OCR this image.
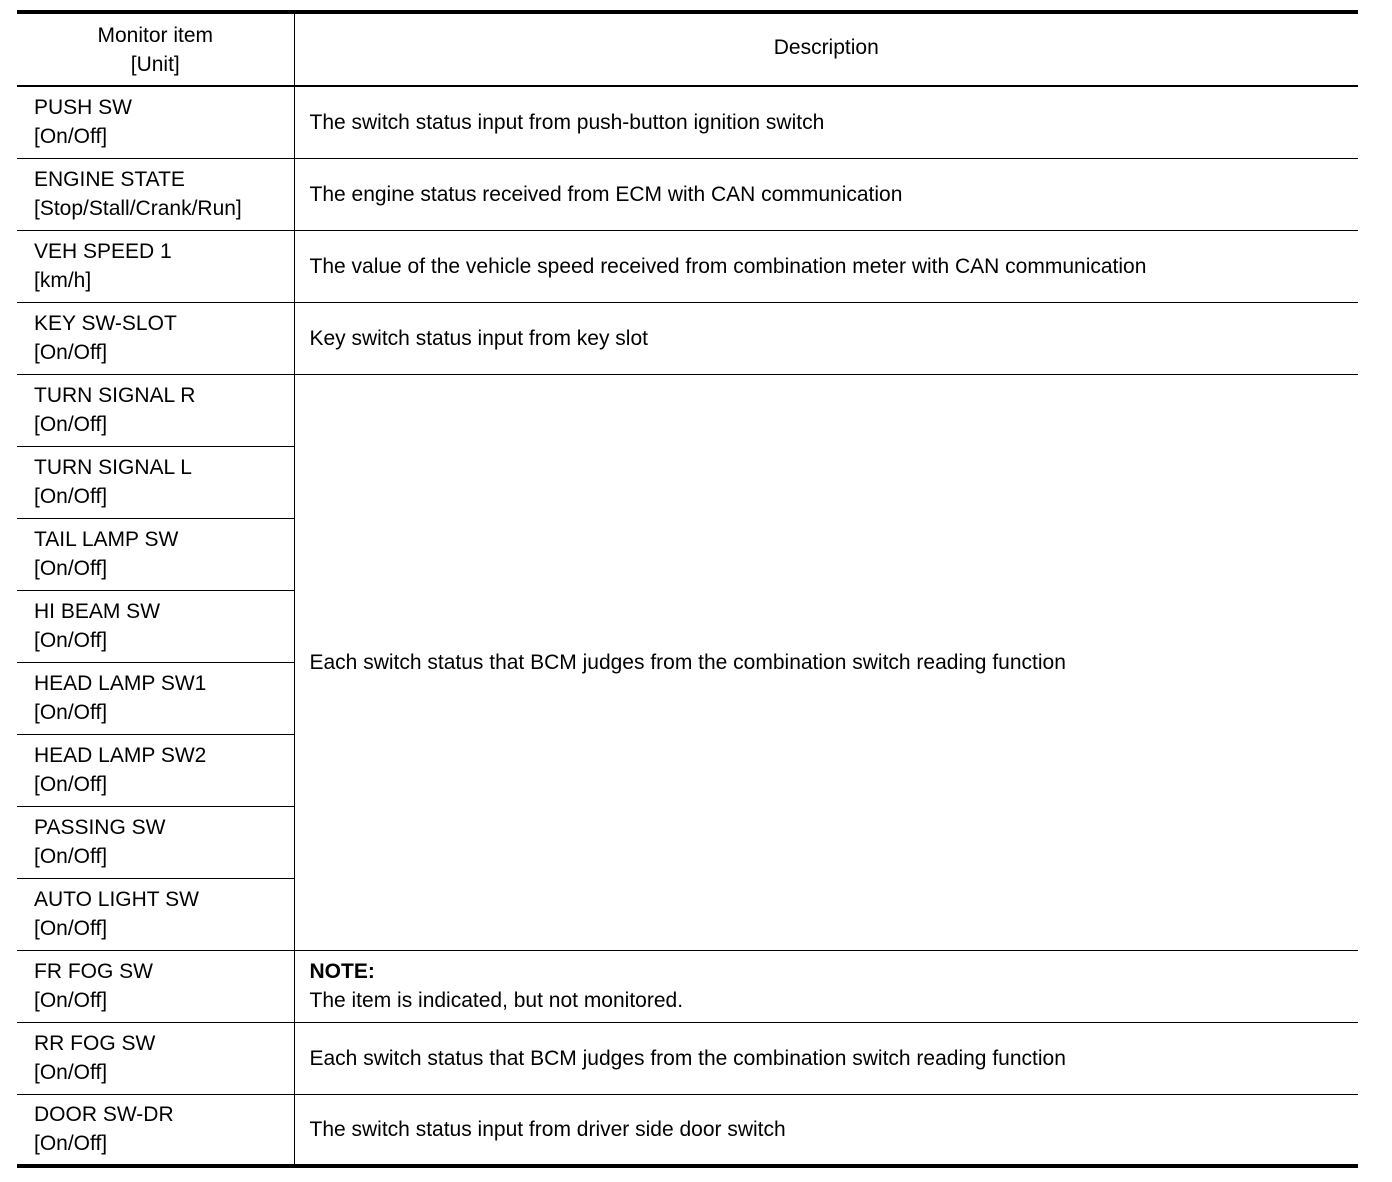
Monitor item
[Unit]	Description

PUSH SW
[On/Off]	The switch status input from push-button ignition switch

ENGINE STATE
[Stop/Stall/Crank/Run]	The engine status received from ECM with CAN communication

VEH SPEED 1
[km/h]	The value of the vehicle speed received from combination meter with CAN communication

KEY SW-SLOT
[On/Off]	Key switch status input from key slot

TURN SIGNAL R
[On/Off]	Each switch status that BCM judges from the combination switch reading function

TURN SIGNAL L
[On/Off]	

TAIL LAMP SW
[On/Off]	

HI BEAM SW
[On/Off]	

HEAD LAMP SW1
[On/Off]	

HEAD LAMP SW2
[On/Off]	

PASSING SW
[On/Off]	

AUTO LIGHT SW
[On/Off]	

FR FOG SW
[On/Off]	NOTE:
The item is indicated, but not monitored.

RR FOG SW
[On/Off]	Each switch status that BCM judges from the combination switch reading function

DOOR SW-DR
[On/Off]	The switch status input from driver side door switch
